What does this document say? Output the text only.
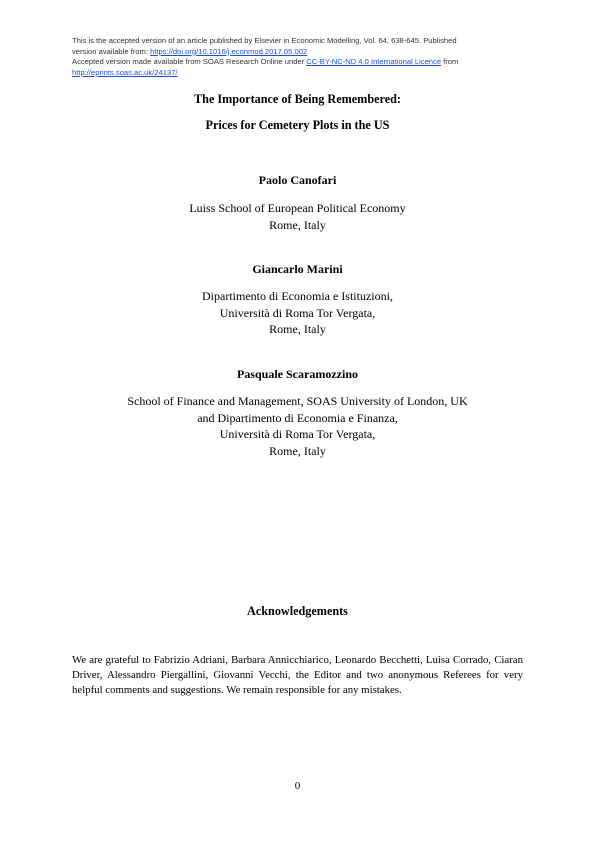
This is the accepted version of an article published by Elsevier in Economic Modelling, Vol. 64, 638-645. Published

version available from: https://doi.org/10.1016/j.econmod.2017.05.002

Accepted version made available from SOAS Research Online under CC-BY-NC-ND 4.0 International Licence from

http://eprints.soas.ac.uk/24137/

The Importance of Being Remembered:
Prices for Cemetery Plots in the US
Paolo Canofari
Luiss School of European Political Economy
Rome, Italy
Giancarlo Marini
Dipartimento di Economia e Istituzioni,
Università di Roma Tor Vergata,
Rome, Italy
Pasquale Scaramozzino
School of Finance and Management, SOAS University of London, UK
and Dipartimento di Economia e Finanza,
Università di Roma Tor Vergata,
Rome, Italy
Acknowledgements
We are grateful to Fabrizio Adriani, Barbara Annicchiarico, Leonardo Becchetti, Luisa Corrado, Ciaran Driver, Alessandro Piergallini, Giovanni Vecchi, the Editor and two anonymous Referees for very helpful comments and suggestions. We remain responsible for any mistakes.
0
